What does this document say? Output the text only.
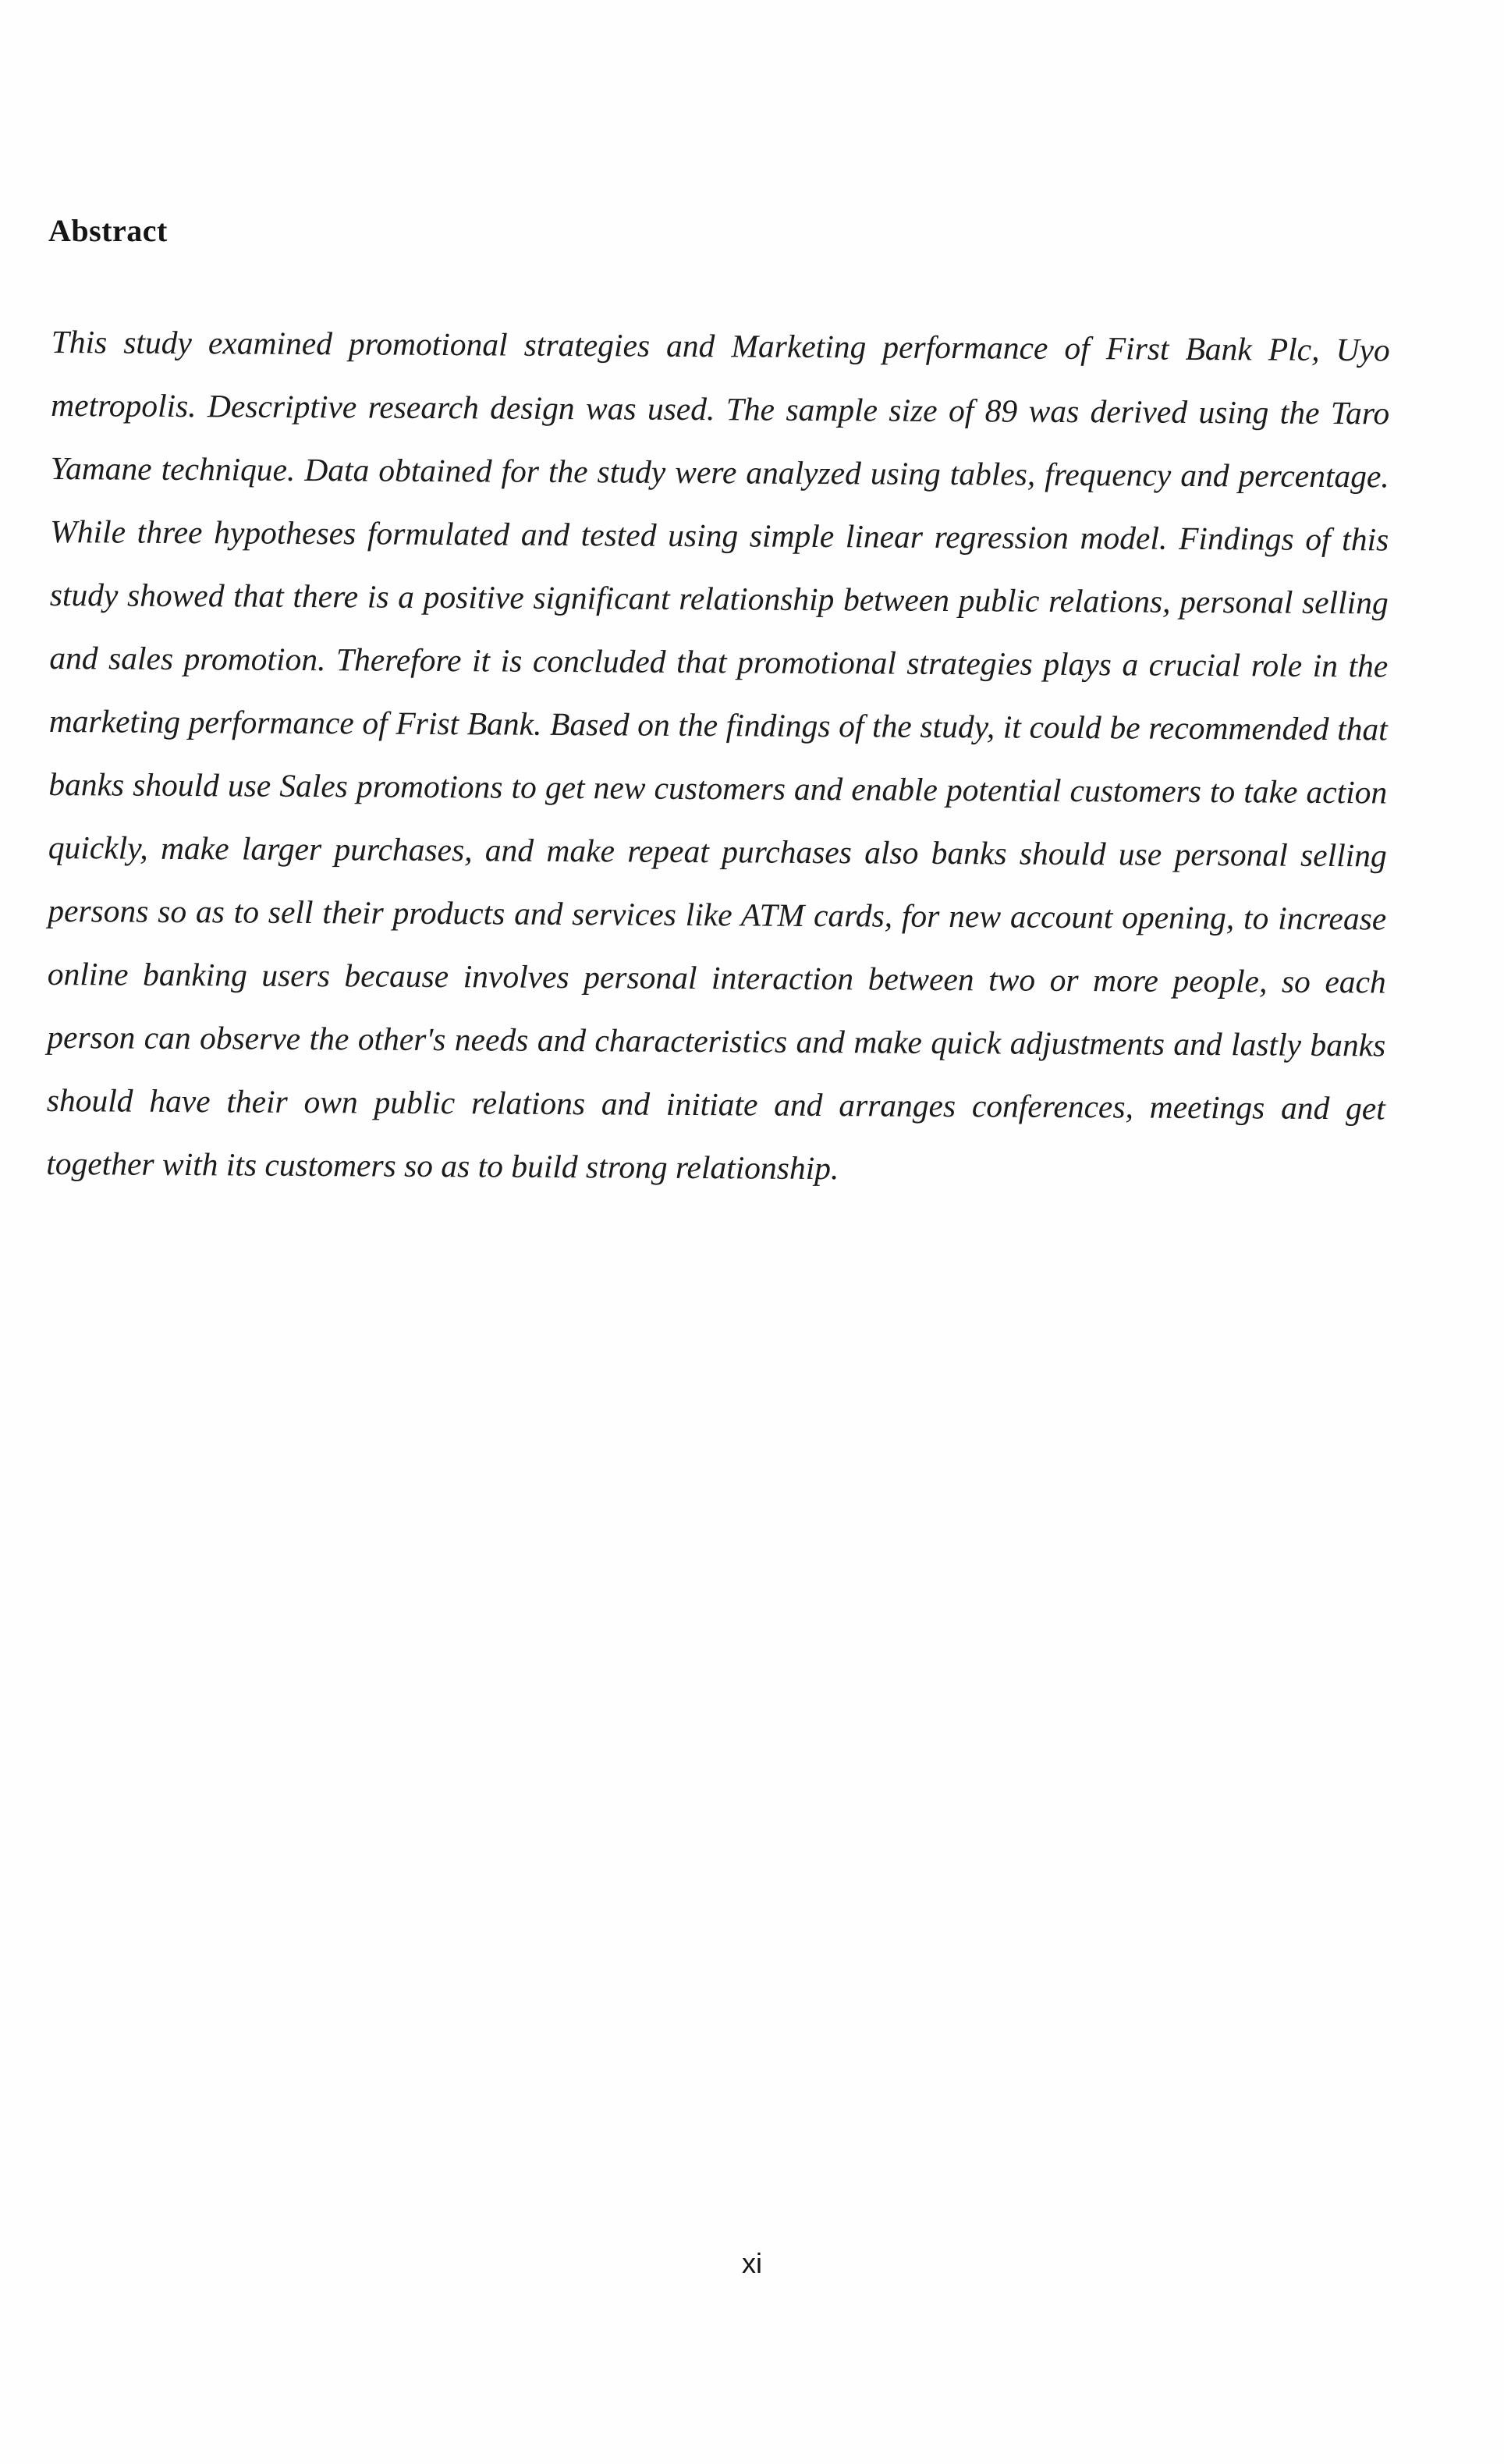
Abstract

This study examined promotional strategies and Marketing performance of First Bank Plc, Uyo metropolis. Descriptive research design was used. The sample size of 89 was derived using the Taro Yamane technique. Data obtained for the study were analyzed using tables, frequency and percentage. While three hypotheses formulated and tested using simple linear regression model. Findings of this study showed that there is a positive significant relationship between public relations, personal selling and sales promotion. Therefore it is concluded that promotional strategies plays a crucial role in the marketing performance of Frist Bank. Based on the findings of the study, it could be recommended that banks should use Sales promotions to get new customers and enable potential customers to take action quickly, make larger purchases, and make repeat purchases also banks should use personal selling persons so as to sell their products and services like ATM cards, for new account opening, to increase online banking users because involves personal interaction between two or more people, so each person can observe the other's needs and characteristics and make quick adjustments and lastly banks should have their own public relations and initiate and arranges conferences, meetings and get together with its customers so as to build strong relationship.

xi
